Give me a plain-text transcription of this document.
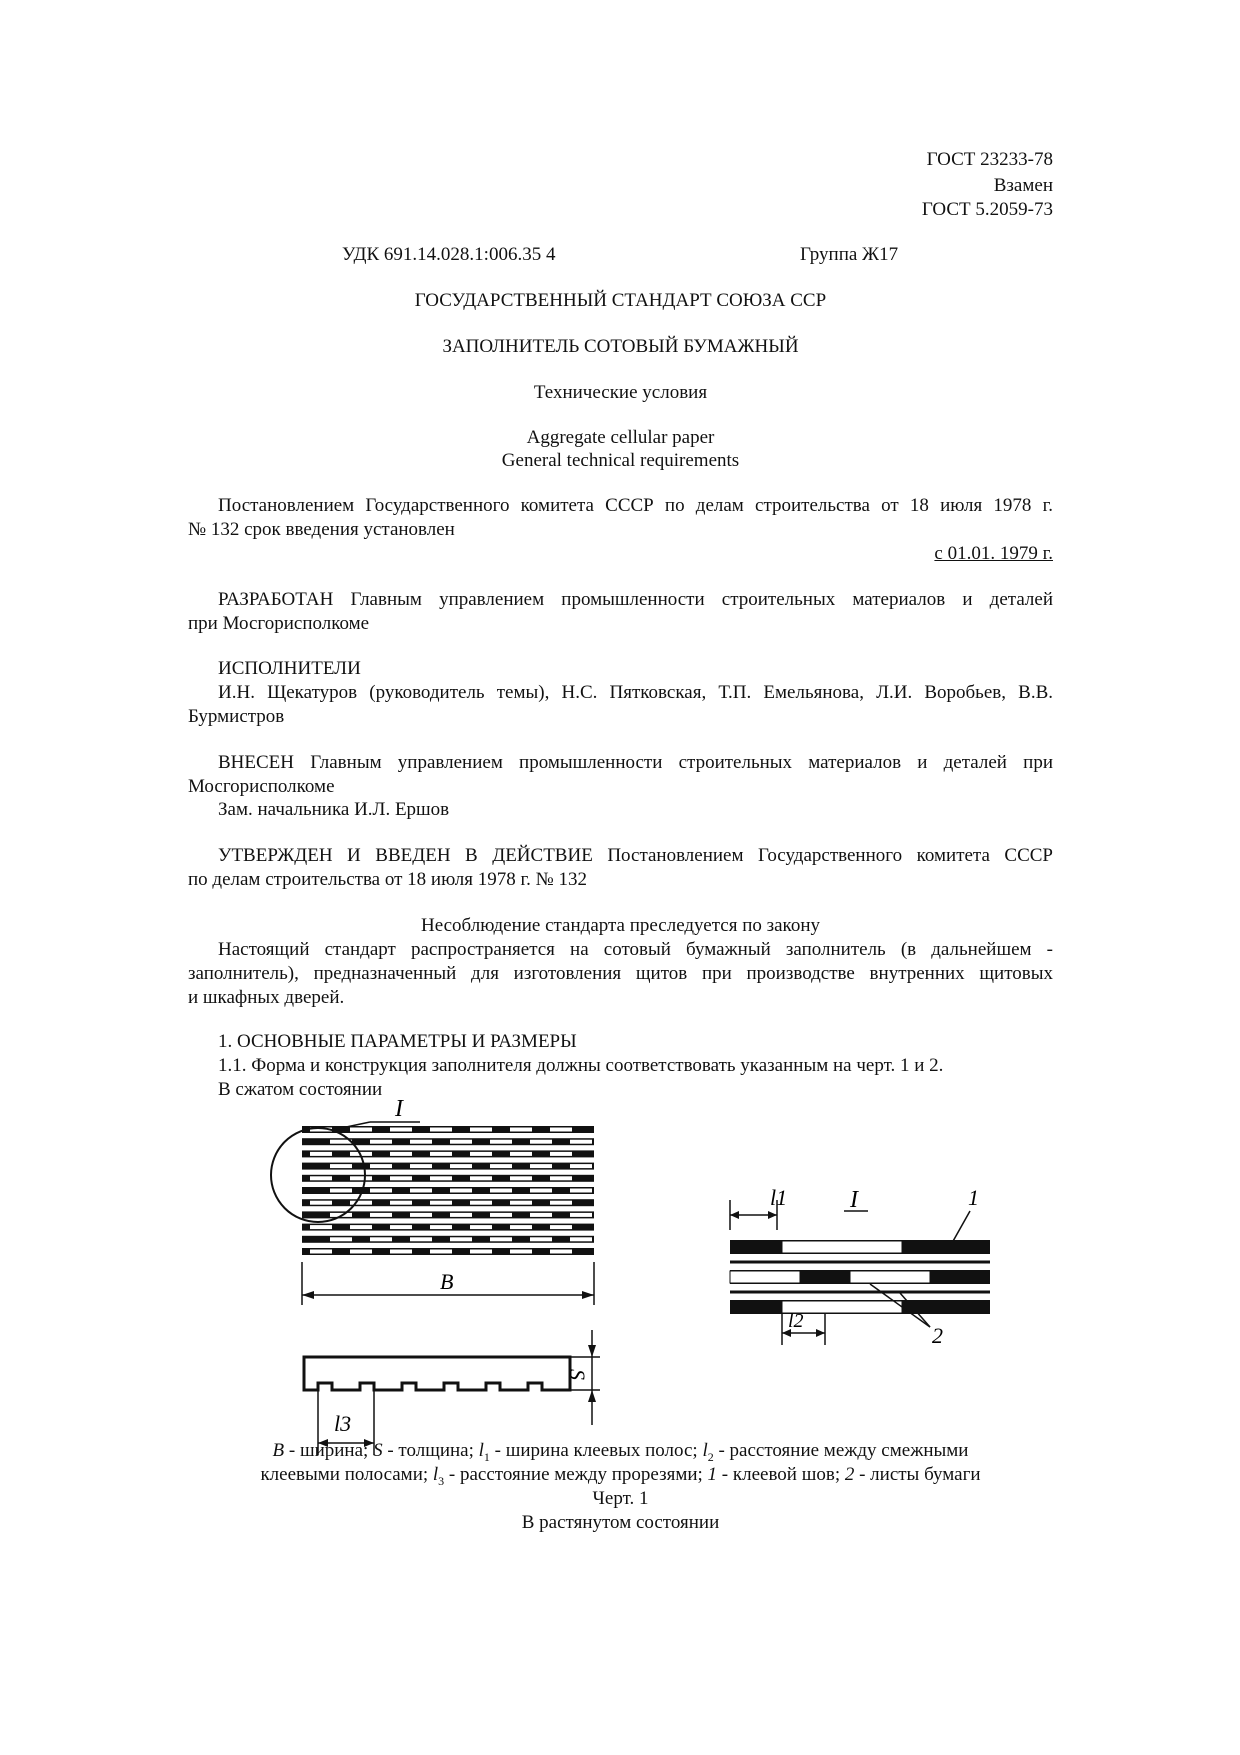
ГОСТ 23233-78
Взамен
ГОСТ 5.2059-73
УДК 691.14.028.1:006.35 4	Группа Ж17
ГОСУДАРСТВЕННЫЙ СТАНДАРТ СОЮЗА ССР
ЗАПОЛНИТЕЛЬ СОТОВЫЙ БУМАЖНЫЙ
Технические условия
Aggregate cellular paper
General technical requirements
Постановлением Государственного комитета СССР по делам строительства от 18 июля 1978 г.
№ 132 срок введения установлен
с 01.01. 1979 г.
РАЗРАБОТАН Главным управлением промышленности строительных материалов и деталей
при Мосгорисполкоме
ИСПОЛНИТЕЛИ
И.Н. Щекатуров (руководитель темы), Н.С. Пятковская, Т.П. Емельянова, Л.И. Воробьев, В.В.
Бурмистров
ВНЕСЕН Главным управлением промышленности строительных материалов и деталей при
Мосгорисполкоме
Зам. начальника И.Л. Ершов
УТВЕРЖДЕН И ВВЕДЕН В ДЕЙСТВИЕ Постановлением Государственного комитета СССР
по делам строительства от 18 июля 1978 г. № 132
Несоблюдение стандарта преследуется по закону
Настоящий стандарт распространяется на сотовый бумажный заполнитель (в дальнейшем -
заполнитель), предназначенный для изготовления щитов при производстве внутренних щитовых
и шкафных дверей.
1. ОСНОВНЫЕ ПАРАМЕТРЫ И РАЗМЕРЫ
1.1. Форма и конструкция заполнителя должны соответствовать указанным на черт. 1 и 2.
В сжатом состоянии
I
B
S
l3
l1	I	1
l2
2
B - ширина; S - толщина; $l_1$ - ширина клеевых полос; $l_2$ - расстояние между смежными
клеевыми полосами; $l_3$ - расстояние между прорезями; 1 - клеевой шов; 2 - листы бумаги
Черт. 1
В растянутом состоянии
